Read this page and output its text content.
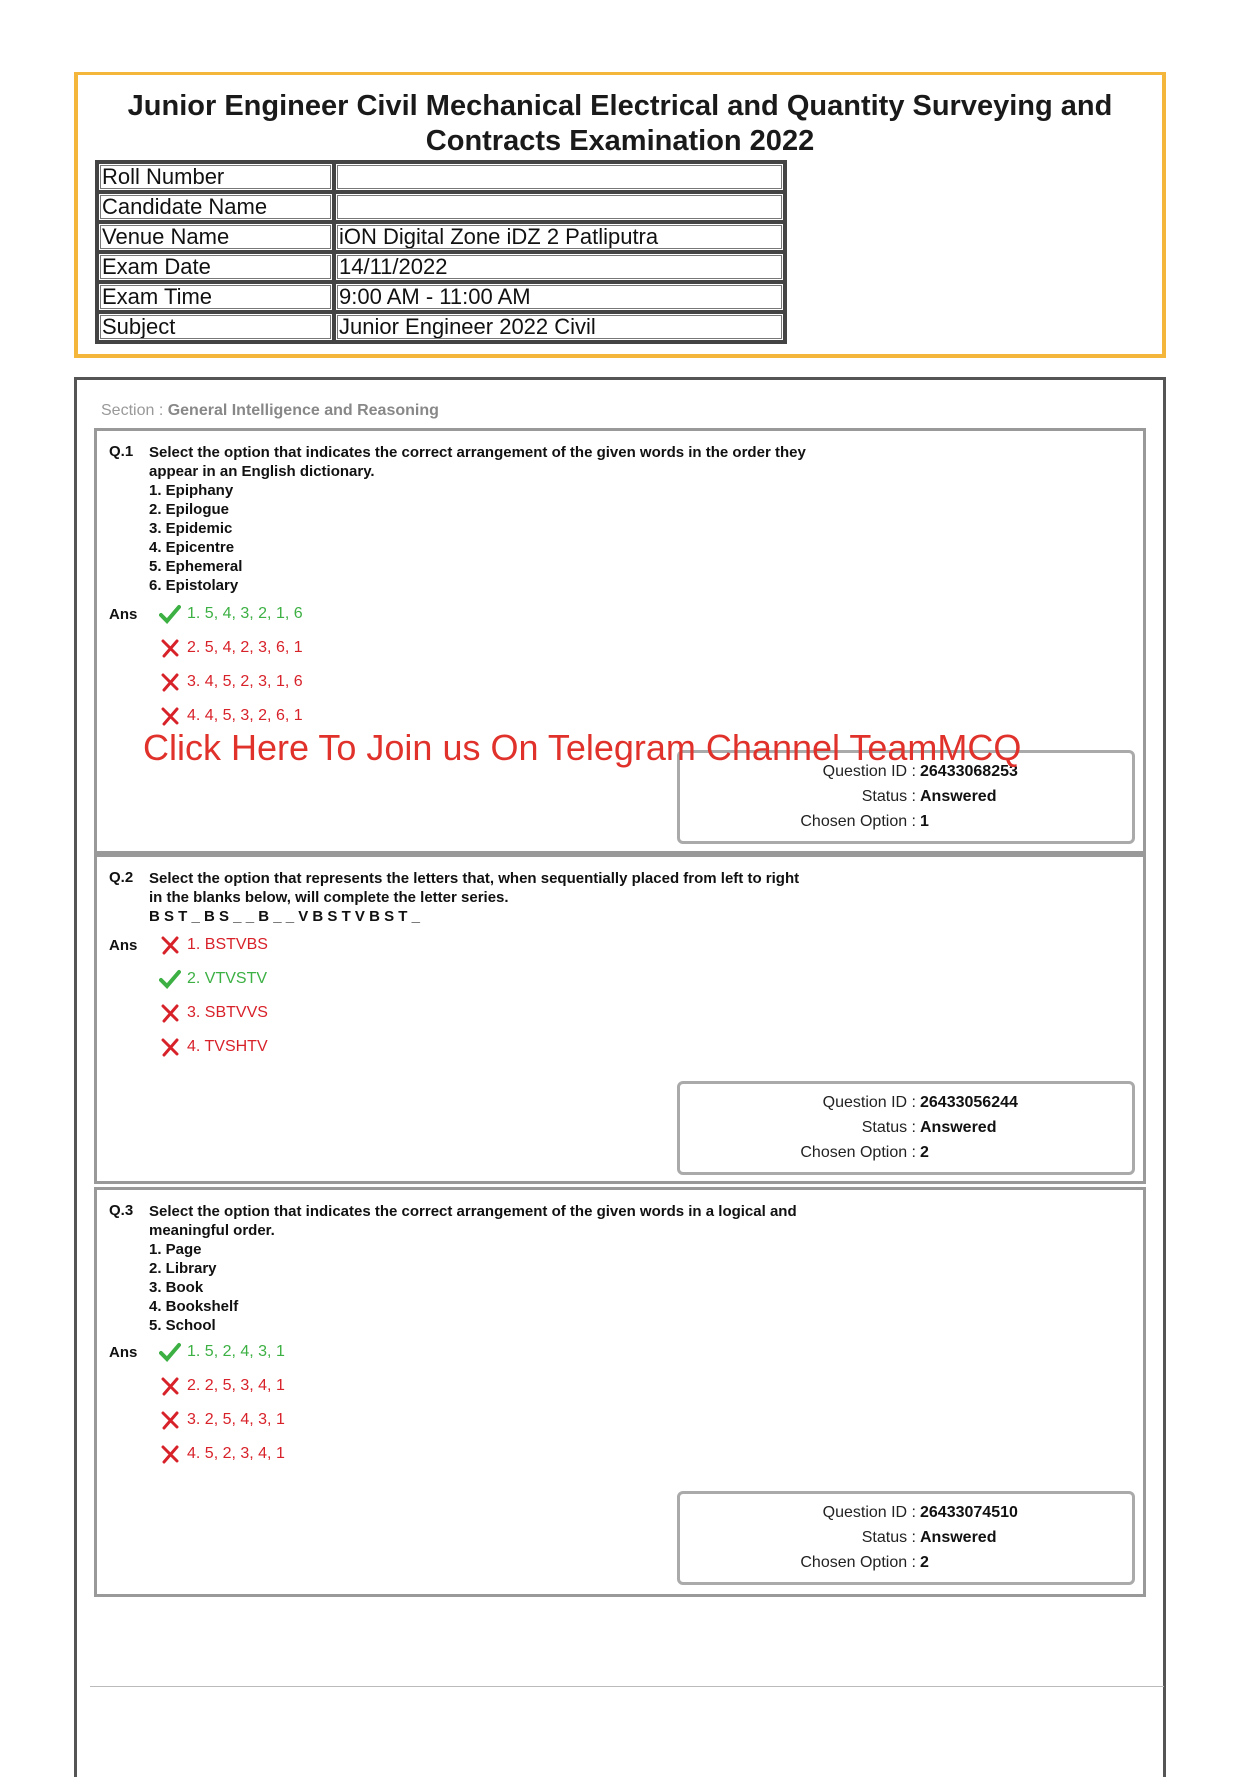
Junior Engineer Civil Mechanical Electrical and Quantity Surveying and Contracts Examination 2022
Roll Number	
Candidate Name	
Venue Name	iON Digital Zone iDZ 2 Patliputra
Exam Date	14/11/2022
Exam Time	9:00 AM - 11:00 AM
Subject	Junior Engineer 2022 Civil
Section : General Intelligence and Reasoning
Q.1 Select the option that indicates the correct arrangement of the given words in the order they
appear in an English dictionary.
1. Epiphany
2. Epilogue
3. Epidemic
4. Epicentre
5. Ephemeral
6. Epistolary
Ans	1. 5, 4, 3, 2, 1, 6
2. 5, 4, 2, 3, 6, 1
3. 4, 5, 2, 3, 1, 6
4. 4, 5, 3, 2, 6, 1
Question ID : 26433068253
Status : Answered
Chosen Option : 1
Q.2 Select the option that represents the letters that, when sequentially placed from left to right
in the blanks below, will complete the letter series.
B S T _ B S _ _ B _ _ V B S T V B S T _
Ans	1. BSTVBS
2. VTVSTV
3. SBTVVS
4. TVSHTV
Question ID : 26433056244
Status : Answered
Chosen Option : 2
Q.3 Select the option that indicates the correct arrangement of the given words in a logical and
meaningful order.
1. Page
2. Library
3. Book
4. Bookshelf
5. School
Ans	1. 5, 2, 4, 3, 1
2. 2, 5, 3, 4, 1
3. 2, 5, 4, 3, 1
4. 5, 2, 3, 4, 1
Question ID : 26433074510
Status : Answered
Chosen Option : 2
Click Here To Join us On Telegram Channel TeamMCQ
